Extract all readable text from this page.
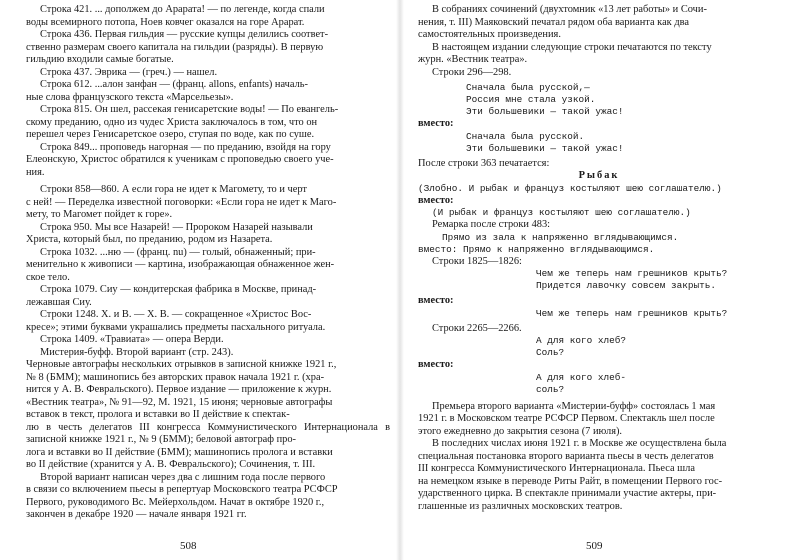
Строка 421. ... дополжем до Арарата! — по легенде, когда спали
воды всемирного потопа, Ноев ковчег оказался на горе Арарат.

Строка 436. Первая гильдия — русские купцы делились соответ-
ственно размерам своего капитала на гильдии (разряды). В первую
гильдию входили самые богатые.

Строка 437. Эврика — (греч.) — нашел.

Строка 612. ...алон занфан — (франц. allons, enfants) началь-
ные слова французского текста «Марсельезы».

Строка 815. Он шел, рассекая генисаретские воды! — По евангель-
скому преданию, одно из чудес Христа заключалось в том, что он
перешел через Генисаретское озеро, ступая по воде, как по суше.

Строка 849... проповедь нагорная — по преданию, взойдя на гору
Елеонскую, Христос обратился к ученикам с проповедью своего уче-
ния.

Строки 858—860. А если гора не идет к Магомету, то и черт
с ней! — Переделка известной поговорки: «Если гора не идет к Маго-
мету, то Магомет пойдет к горе».

Строка 950. Мы все Назарей! — Пророком Назарей называли
Христа, который был, по преданию, родом из Назарета.

Строка 1032. ...ню — (франц. nu) — голый, обнаженный; при-
менительно к живописи — картина, изображающая обнаженное жен-
ское тело.

Строка 1079. Сиу — кондитерская фабрика в Москве, принад-
лежавшая Сиу.

Строки 1248. Х. и В. — Х. В. — сокращенное «Христос Вос-
кресе»; этими буквами украшались предметы пасхального ритуала.

Строка 1409. «Травиата» — опера Верди.

Мистерия-буфф. Второй вариант (стр. 243).
Черновые автографы нескольких отрывков в записной книжке 1921 г.,
№ 8 (БММ); машинопись без авторских правок начала 1921 г. (хра-
нится у А. В. Февральского). Первое издание — приложение к журн.
«Вестник театра», № 91—92, М. 1921, 15 июня; черновые автографы
вставок в текст, пролога и вставки во II действие к спектак-
лю в честь делегатов III конгресса Коммунистического Интернационала в записной книжке 1921 г., № 9 (БММ); беловой автограф про-
лога и вставки во II действие (БММ); машинопись пролога и вставки
во II действие (хранится у А. В. Февральского); Сочинения, т. III.

Второй вариант написан через два с лишним года после первого
в связи со включением пьесы в репертуар Московского театра РСФСР
Первого, руководимого Вс. Мейерхольдом. Начат в октябре 1920 г.,
закончен в декабре 1920 — начале января 1921 гг.

508

В собраниях сочинений (двухтомник «13 лет работы» и Сочи-
нения, т. III) Маяковский печатал рядом оба варианта как два
самостоятельных произведения.

В настоящем издании следующие строки печатаются по тексту
журн. «Вестник театра».

Строки 296—298.

Сначала была русской,—
Россия мне стала узкой.
Эти большевики — такой ужас!

вместо:

Сначала была русской.
Эти большевики — такой ужас!

После строки 363 печатается:

Рыбак

(Злобно. И рыбак и француз костыляют шею соглашателю.)

вместо:

(И рыбак и француз костыляют шею соглашателю.)

Ремарка после строки 483:

Прямо из зала к напряженно вглядывающимся.

вместо: Прямо к напряженно вглядывающимся.

Строки 1825—1826:

Чем же теперь нам грешников крыть?
Придется лавочку совсем закрыть.

вместо:

Чем же теперь нам грешников крыть?

Строки 2265—2266.

А для кого хлеб?
Соль?

вместо:

А для кого хлеб-
соль?

Премьера второго варианта «Мистерии-буфф» состоялась 1 мая
1921 г. в Московском театре РСФСР Первом. Спектакль шел после
этого ежедневно до закрытия сезона (7 июля).

В последних числах июня 1921 г. в Москве же осуществлена была
специальная постановка второго варианта пьесы в честь делегатов
III конгресса Коммунистического Интернационала. Пьеса шла
на немецком языке в переводе Риты Райт, в помещении Первого гос-
ударственного цирка. В спектакле принимали участие актеры, при-
глашенные из различных московских театров.

509
